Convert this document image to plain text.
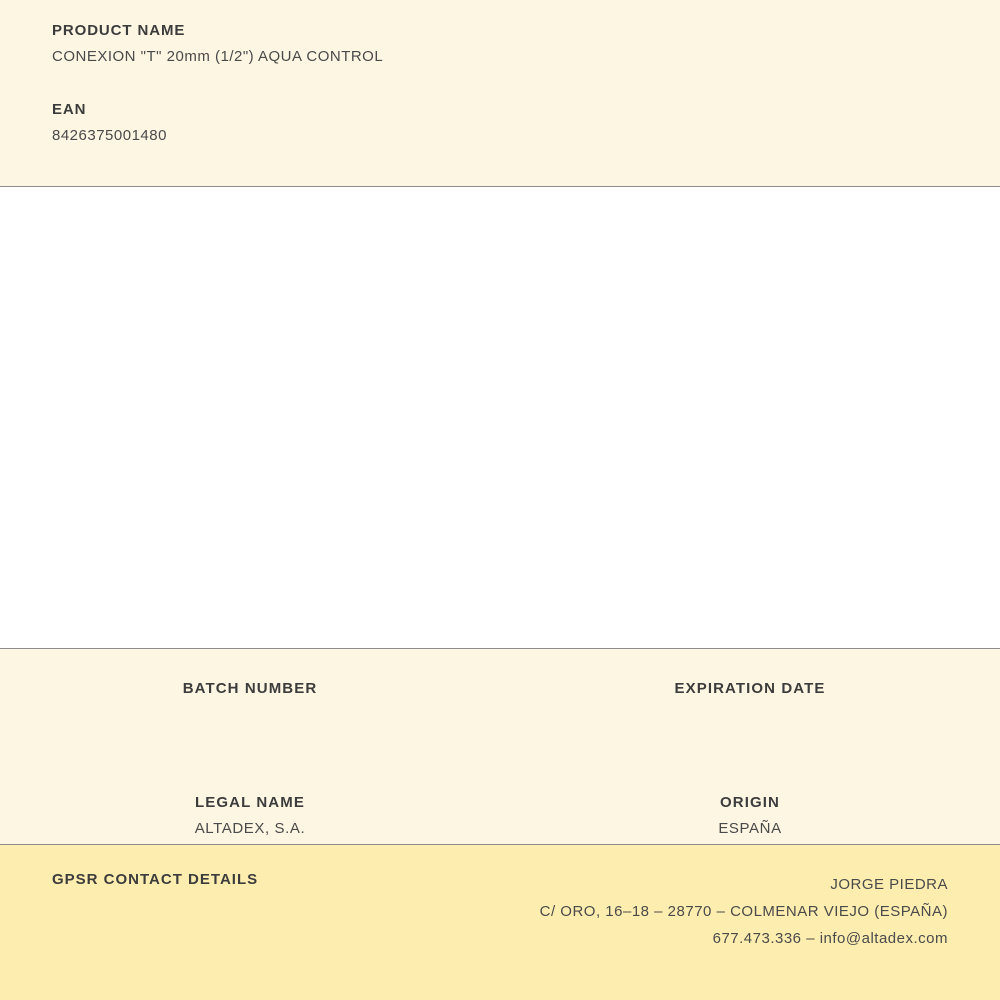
PRODUCT NAME
CONEXION "T" 20mm (1/2") AQUA CONTROL
EAN
8426375001480
BATCH NUMBER	EXPIRATION DATE
LEGAL NAME
ALTADEX, S.A.
ORIGIN
ESPAÑA
GPSR CONTACT DETAILS	JORGE PIEDRA
C/ ORO, 16–18 – 28770 – COLMENAR VIEJO (ESPAÑA)
677.473.336 – info@altadex.com
